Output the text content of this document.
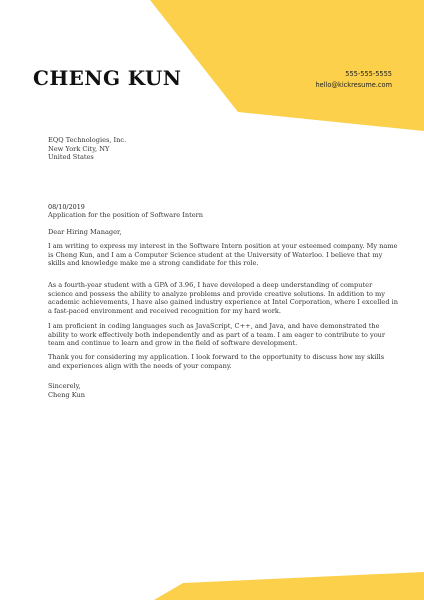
CHENG KUN	555-555-5555
hello@kickresume.com
EQQ Technologies, Inc.
New York City, NY
United States
08/10/2019
Application for the position of Software Intern
Dear Hiring Manager,
I am writing to express my interest in the Software Intern position at your esteemed company. My name is Cheng Kun, and I am a Computer Science student at the University of Waterloo. I believe that my skills and knowledge make me a strong candidate for this role.
As a fourth-year student with a GPA of 3.96, I have developed a deep understanding of computer science and possess the ability to analyze problems and provide creative solutions. In addition to my academic achievements, I have also gained industry experience at Intel Corporation, where I excelled in a fast-paced environment and received recognition for my hard work.
I am proficient in coding languages such as JavaScript, C++, and Java, and have demonstrated the ability to work effectively both independently and as part of a team. I am eager to contribute to your team and continue to learn and grow in the field of software development.
Thank you for considering my application. I look forward to the opportunity to discuss how my skills and experiences align with the needs of your company.
Sincerely,
Cheng Kun
